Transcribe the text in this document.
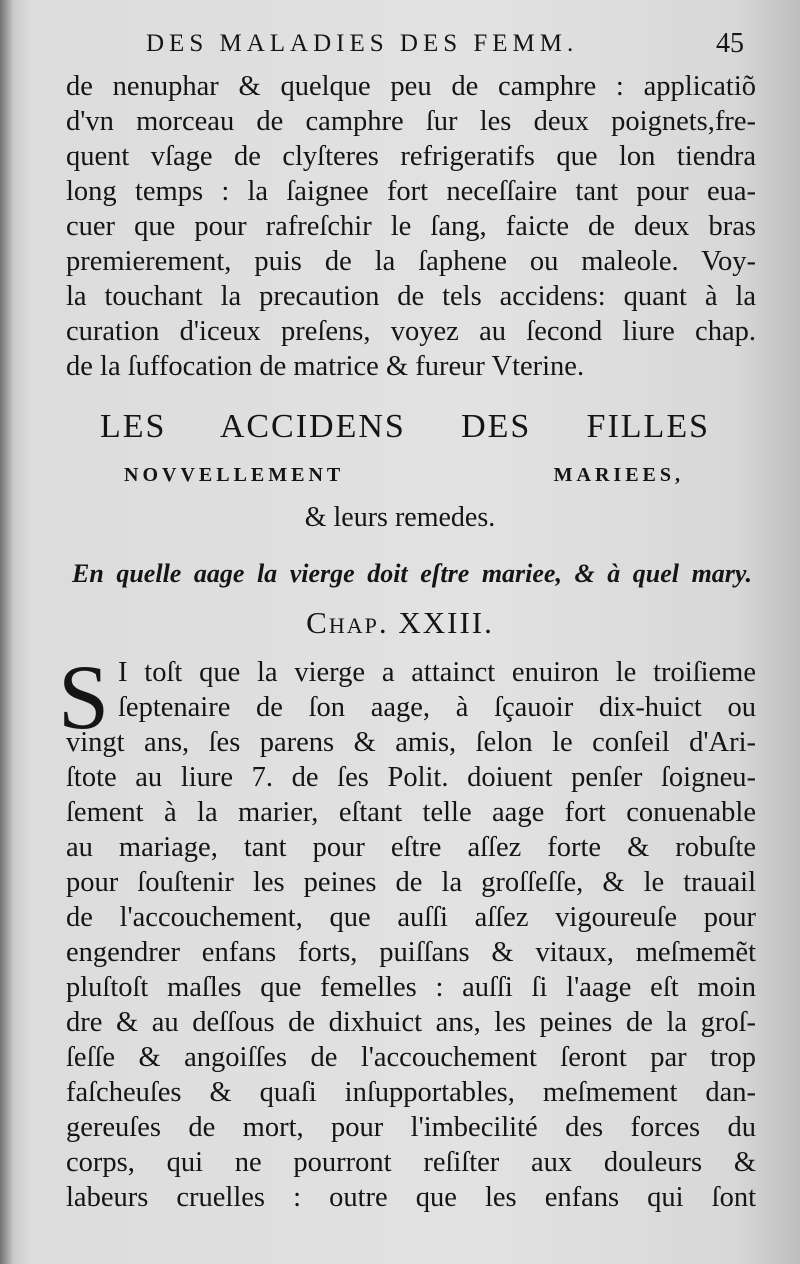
DES MALADIES DES FEMM.	45
de nenuphar & quelque peu de camphre : applicatiõ
d'vn morceau de camphre ſur les deux poignets,fre-
quent vſage de clyſteres refrigeratifs que lon tiendra
long temps : la ſaignee fort neceſſaire tant pour eua-
cuer que pour rafreſchir le ſang, faicte de deux bras
premierement, puis de la ſaphene ou maleole. Voy-
la touchant la precaution de tels accidens: quant à la
curation d'iceux preſens, voyez au ſecond liure chap.
de la ſuffocation de matrice & fureur Vterine.
LES ACCIDENS DES FILLES
NOVVELLEMENT MARIEES,
& leurs remedes.
En quelle aage la vierge doit eſtre mariee, & à quel mary.
Chap. XXIII.
S I toſt que la vierge a attainct enuiron le troiſieme
ſeptenaire de ſon aage, à ſçauoir dix-huict ou
vingt ans, ſes parens & amis, ſelon le conſeil d'Ari-
ſtote au liure 7. de ſes Polit. doiuent penſer ſoigneu-
ſement à la marier, eſtant telle aage fort conuenable
au mariage, tant pour eſtre aſſez forte & robuſte
pour ſouſtenir les peines de la groſſeſſe, & le trauail
de l'accouchement, que auſſi aſſez vigoureuſe pour
engendrer enfans forts, puiſſans & vitaux, meſmemẽt
pluſtoſt maſles que femelles : auſſi ſi l'aage eſt moin
dre & au deſſous de dixhuict ans, les peines de la groſ-
ſeſſe & angoiſſes de l'accouchement ſeront par trop
faſcheuſes & quaſi inſupportables, meſmement dan-
gereuſes de mort, pour l'imbecilité des forces du
corps, qui ne pourront reſiſter aux douleurs &
labeurs cruelles : outre que les enfans qui ſont
